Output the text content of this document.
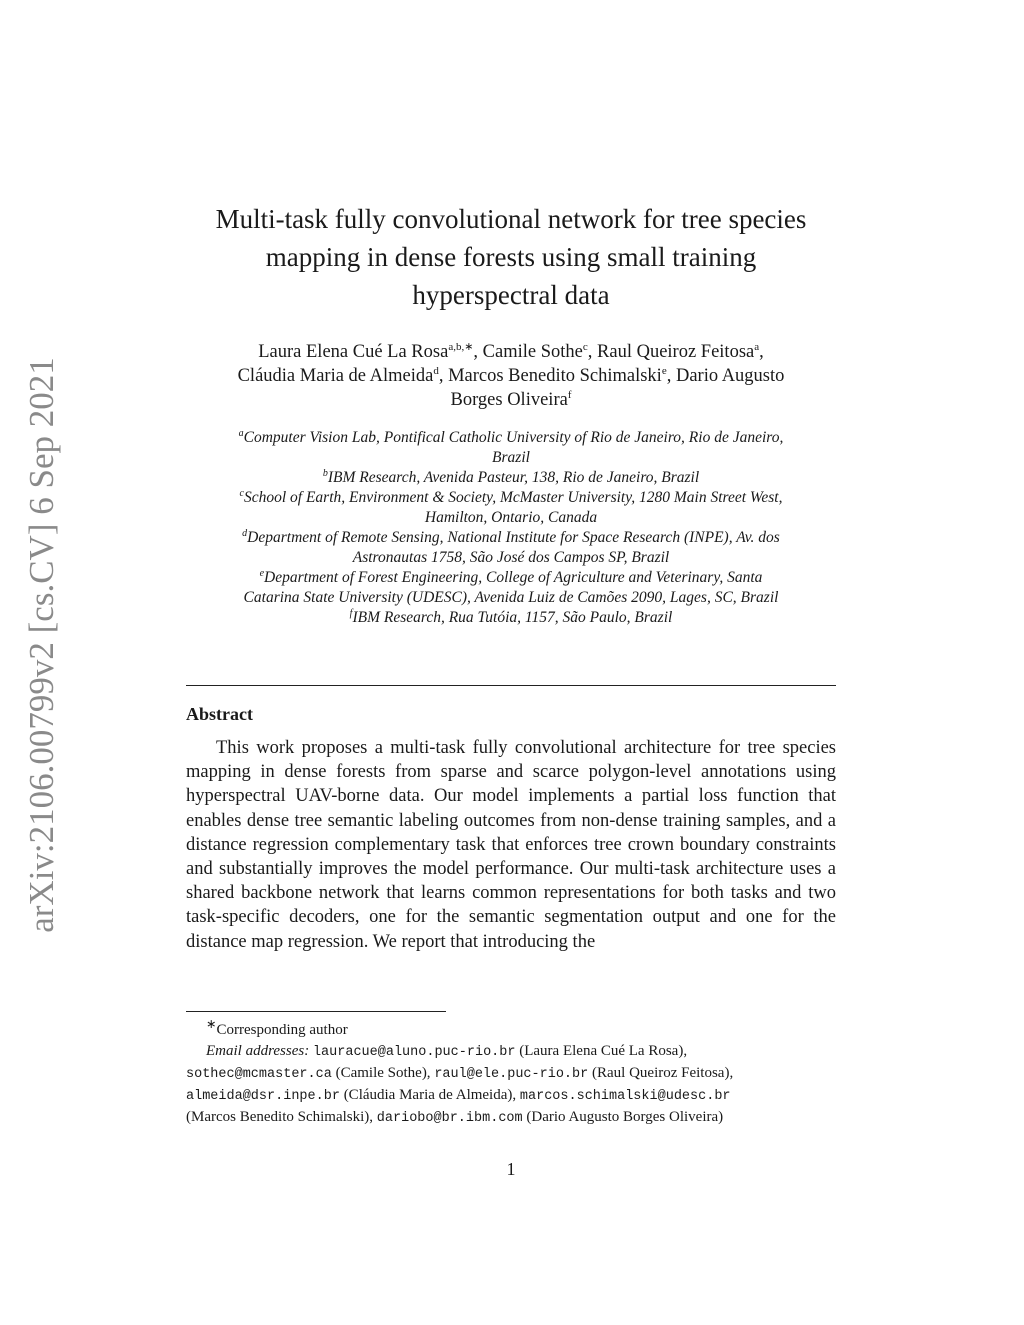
arXiv:2106.00799v2 [cs.CV] 6 Sep 2021
Multi-task fully convolutional network for tree species
mapping in dense forests using small training
hyperspectral data
Laura Elena Cué La Rosa$^{a,b,∗}$, Camile Sothe$^c$, Raul Queiroz Feitosa$^a$,
Cláudia Maria de Almeida$^d$, Marcos Benedito Schimalski$^e$, Dario Augusto
Borges Oliveira$^f$
$^a$Computer Vision Lab, Pontifical Catholic University of Rio de Janeiro, Rio de Janeiro,
Brazil
$^b$IBM Research, Avenida Pasteur, 138, Rio de Janeiro, Brazil
$^c$School of Earth, Environment & Society, McMaster University, 1280 Main Street West,
Hamilton, Ontario, Canada
$^d$Department of Remote Sensing, National Institute for Space Research (INPE), Av. dos
Astronautas 1758, São José dos Campos SP, Brazil
$^e$Department of Forest Engineering, College of Agriculture and Veterinary, Santa
Catarina State University (UDESC), Avenida Luiz de Camões 2090, Lages, SC, Brazil
$^f$IBM Research, Rua Tutóia, 1157, São Paulo, Brazil
Abstract

This work proposes a multi-task fully convolutional architecture for tree species mapping in dense forests from sparse and scarce polygon-level annotations using hyperspectral UAV-borne data. Our model implements a partial loss function that enables dense tree semantic labeling outcomes from non-dense training samples, and a distance regression complementary task that enforces tree crown boundary constraints and substantially improves the model performance. Our multi-task architecture uses a shared backbone network that learns common representations for both tasks and two task-specific decoders, one for the semantic segmentation output and one for the distance map regression. We report that introducing the

∗Corresponding author
Email addresses: lauracue@aluno.puc-rio.br (Laura Elena Cué La Rosa),
sothec@mcmaster.ca (Camile Sothe), raul@ele.puc-rio.br (Raul Queiroz Feitosa),
almeida@dsr.inpe.br (Cláudia Maria de Almeida), marcos.schimalski@udesc.br
(Marcos Benedito Schimalski), dariobo@br.ibm.com (Dario Augusto Borges Oliveira)
1
